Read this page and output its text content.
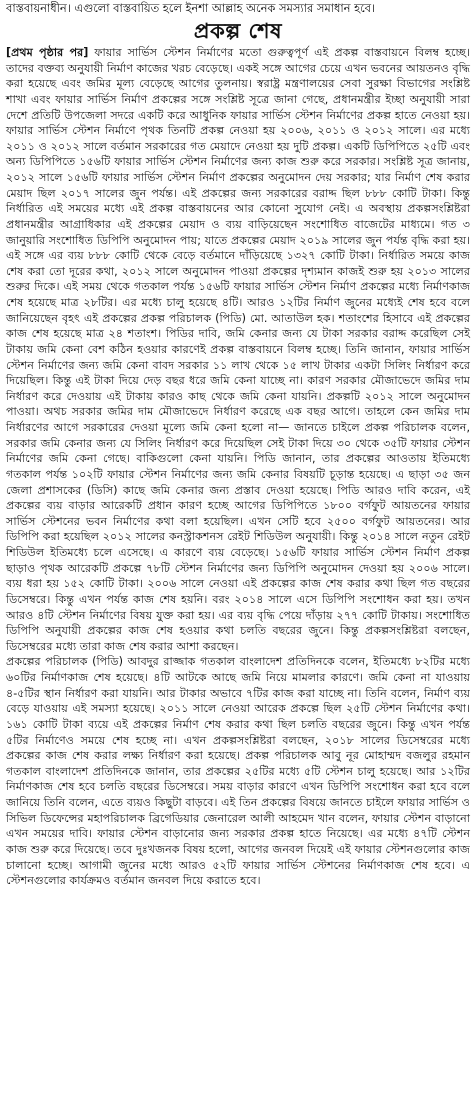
বাস্তবায়নাধীন। এগুলো বাস্তবায়িত হলে ইনশা আল্লাহ অনেক সমস্যার সমাধান হবে।
প্রকল্প শেষ

[প্রথম পৃষ্ঠার পর] ফায়ার সার্ভিস স্টেশন নির্মাণের মতো গুরুত্বপূর্ণ এই প্রকল্প বাস্তবায়নে বিলম্ব হচ্ছে। তাদের বক্তব্য অনুযায়ী নির্মাণ কাজের খরচ বেড়েছে। একই সঙ্গে আগের চেয়ে এখন ভবনের আয়তনও বৃদ্ধি করা হয়েছে এবং জমির মূল্য বেড়েছে আগের তুলনায়। স্বরাষ্ট্র মন্ত্রণালয়ের সেবা সুরক্ষা বিভাগের সংশ্লিষ্ট শাখা এবং ফায়ার সার্ভিস নির্মাণ প্রকল্পের সঙ্গে সংশ্লিষ্ট সূত্রে জানা গেছে, প্রধানমন্ত্রীর ইচ্ছা অনুযায়ী সারা দেশে প্রতিটি উপজেলা সদরে একটি করে আধুনিক ফায়ার সার্ভিস স্টেশন নির্মাণের প্রকল্প হাতে নেওয়া হয়। ফায়ার সার্ভিস স্টেশন নির্মাণে পৃথক তিনটি প্রকল্প নেওয়া হয় ২০০৬, ২০১১ ও ২০১২ সালে। এর মধ্যে ২০১১ ও ২০১২ সালে বর্তমান সরকারের গত মেয়াদে নেওয়া হয় দুটি প্রকল্প। একটি ডিপিপিতে ২৫টি এবং অন্য ডিপিপিতে ১৫৬টি ফায়ার সার্ভিস স্টেশন নির্মাণের জন্য কাজ শুরু করে সরকার। সংশ্লিষ্ট সূত্র জানায়, ২০১২ সালে ১৫৬টি ফায়ার সার্ভিস স্টেশন নির্মাণ প্রকল্পের অনুমোদন দেয় সরকার; যার নির্মাণ শেষ করার মেয়াদ ছিল ২০১৭ সালের জুন পর্যন্ত। এই প্রকল্পের জন্য সরকারের বরাদ্দ ছিল ৮৮৮ কোটি টাকা। কিন্তু নির্ধারিত এই সময়ের মধ্যে এই প্রকল্প বাস্তবায়নের আর কোনো সুযোগ নেই। এ অবস্থায় প্রকল্পসংশ্লিষ্টরা প্রধানমন্ত্রীর আগ্রাধিকার এই প্রকল্পের মেয়াদ ও ব্যয় বাড়িয়েছেন সংশোধিত বাজেটের মাধ্যমে। গত ৩ জানুয়ারি সংশোধিত ডিপিপি অনুমোদন পায়; যাতে প্রকল্পের মেয়াদ ২০১৯ সালের জুন পর্যন্ত বৃদ্ধি করা হয়। এই সঙ্গে এর ব্যয় ৮৮৮ কোটি থেকে বেড়ে বর্তমানে দাঁড়িয়েছে ১৩২৭ কোটি টাকা। নির্ধারিত সময়ে কাজ শেষ করা তো দূরের কথা, ২০১২ সালে অনুমোদন পাওয়া প্রকল্পের দৃশ্যমান কাজই শুরু হয় ২০১৩ সালের শুরুর দিকে। এই সময় থেকে গতকাল পর্যন্ত ১৫৬টি ফায়ার সার্ভিস স্টেশন নির্মাণ প্রকল্পের মধ্যে নির্মাণকাজ শেষ হয়েছে মাত্র ২৮টির। এর মধ্যে চালু হয়েছে ৪টি। আরও ১২টির নির্মাণ জুনের মধ্যেই শেষ হবে বলে জানিয়েছেন বৃহৎ এই প্রকল্পের প্রকল্প পরিচালক (পিডি) মো. আতাউল হক। শতাংশের হিসাবে এই প্রকল্পের কাজ শেষ হয়েছে মাত্র ২৪ শতাংশ। পিডির দাবি, জমি কেনার জন্য যে টাকা সরকার বরাদ্দ করেছিল সেই টাকায় জমি কেনা বেশ কঠিন হওয়ার কারণেই প্রকল্প বাস্তবায়নে বিলম্ব হচ্ছে। তিনি জানান, ফায়ার সার্ভিস স্টেশন নির্মাণের জন্য জমি কেনা বাবদ সরকার ১১ লাখ থেকে ১৫ লাখ টাকার একটা সিলিং নির্ধারণ করে দিয়েছিল। কিন্তু এই টাকা দিয়ে দেড় বছর ধরে জমি কেনা যাচ্ছে না। কারণ সরকার মৌজাভেদে জমির দাম নির্ধারণ করে দেওয়ায় এই টাকায় কারও কাছ থেকে জমি কেনা যায়নি। প্রকল্পটি ২০১২ সালে অনুমোদন পাওয়া। অথচ সরকার জমির দাম মৌজাভেদে নির্ধারণ করেছে এক বছর আগে। তাহলে কেন জমির দাম নির্ধারণের আগে সরকারের দেওয়া মূল্যে জমি কেনা হলো না— জানতে চাইলে প্রকল্প পরিচালক বলেন, সরকার জমি কেনার জন্য যে সিলিং নির্ধারণ করে দিয়েছিল সেই টাকা দিয়ে ৩০ থেকে ৩৫টি ফায়ার স্টেশন নির্মাণের জমি কেনা গেছে। বাকিগুলো কেনা যায়নি। পিডি জানান, তার প্রকল্পের আওতায় ইতিমধ্যে গতকাল পর্যন্ত ১০২টি ফায়ার স্টেশন নির্মাণের জন্য জমি কেনার বিষয়টি চূড়ান্ত হয়েছে। এ ছাড়া ৩৫ জন জেলা প্রশাসকের (ডিসি) কাছে জমি কেনার জন্য প্রস্তাব দেওয়া হয়েছে। পিডি আরও দাবি করেন, এই প্রকল্পের ব্যয় বাড়ার আরেকটি প্রধান কারণ হচ্ছে আগের ডিপিপিতে ১৮০০ বর্গফুট আয়তনের ফায়ার সার্ভিস স্টেশনের ভবন নির্মাণের কথা বলা হয়েছিল। এখন সেটি হবে ২৫০০ বর্গফুট আয়তনের। আর ডিপিপি করা হয়েছিল ২০১২ সালের কনস্ট্রাকশনস রেইট শিডিউল অনুযায়ী। কিন্তু ২০১৪ সালে নতুন রেইট শিডিউল ইতিমধ্যে চলে এসেছে। এ কারণে ব্যয় বেড়েছে। ১৫৬টি ফায়ার সার্ভিস স্টেশন নির্মাণ প্রকল্প ছাড়াও পৃথক আরেকটি প্রকল্পে ৭৮টি স্টেশন নির্মাণের জন্য ডিপিপি অনুমোদন দেওয়া হয় ২০০৬ সালে। ব্যয় ধরা হয় ১৫২ কোটি টাকা। ২০০৬ সালে নেওয়া এই প্রকল্পের কাজ শেষ করার কথা ছিল গত বছরের ডিসেম্বরে। কিন্তু এখন পর্যন্ত কাজ শেষ হয়নি। বরং ২০১৪ সালে এসে ডিপিপি সংশোধন করা হয়। তখন আরও ৪টি স্টেশন নির্মাণের বিষয় যুক্ত করা হয়। এর ব্যয় বৃদ্ধি পেয়ে দাঁড়ায় ২৭৭ কোটি টাকায়। সংশোধিত ডিপিপি অনুযায়ী প্রকল্পের কাজ শেষ হওয়ার কথা চলতি বছরের জুনে। কিন্তু প্রকল্পসংশ্লিষ্টরা বলছেন, ডিসেম্বরের মধ্যে তারা কাজ শেষ করার আশা করছেন।

প্রকল্পের পরিচালক (পিডি) আবদুর রাজ্জাক গতকাল বাংলাদেশ প্রতিদিনকে বলেন, ইতিমধ্যে ৮২টির মধ্যে ৬০টির নির্মাণকাজ শেষ হয়েছে। ৪টি আটকে আছে জমি নিয়ে মামলার কারণে। জমি কেনা না যাওয়ায় ৪-৫টির স্থান নির্ধারণ করা যায়নি। আর টাকার অভাবে ৭টির কাজ করা যাচ্ছে না। তিনি বলেন, নির্মাণ ব্যয় বেড়ে যাওয়ায় এই সমস্যা হয়েছে। ২০১১ সালে নেওয়া আরেক প্রকল্পে ছিল ২৫টি স্টেশন নির্মাণের কথা। ১৬১ কোটি টাকা ব্যয়ে এই প্রকল্পের নির্মাণ শেষ করার কথা ছিল চলতি বছরের জুনে। কিন্তু এখন পর্যন্ত ৫টির নির্মাণেও সময়ে শেষ হচ্ছে না। এখন প্রকল্পসংশ্লিষ্টরা বলছেন, ২০১৮ সালের ডিসেম্বরের মধ্যে প্রকল্পের কাজ শেষ করার লক্ষ্য নির্ধারণ করা হয়েছে। প্রকল্প পরিচালক আবু নূর মোহাম্মদ বজলুর রহমান গতকাল বাংলাদেশ প্রতিদিনকে জানান, তার প্রকল্পের ২৫টির মধ্যে ৫টি স্টেশন চালু হয়েছে। আর ১২টির নির্মাণকাজ শেষ হবে চলতি বছরের ডিসেম্বরে। সময় বাড়ার কারণে এখন ডিপিপি সংশোধন করা হবে বলে জানিয়ে তিনি বলেন, এতে ব্যয়ও কিছুটা বাড়বে। এই তিন প্রকল্পের বিষয়ে জানতে চাইলে ফায়ার সার্ভিস ও সিভিল ডিফেন্সের মহাপরিচালক ব্রিগেডিয়ার জেনারেল আলী আহমেদ খান বলেন, ফায়ার স্টেশন বাড়ানো এখন সময়ের দাবি। ফায়ার স্টেশন বাড়ানোর জন্য সরকার প্রকল্প হাতে নিয়েছে। এর মধ্যে ৪৭টি স্টেশন কাজ শুরু করে দিয়েছে। তবে দুঃখজনক বিষয় হলো, আগের জনবল দিয়েই এই ফায়ার স্টেশনগুলোর কাজ চালানো হচ্ছে। আগামী জুনের মধ্যে আরও ৫২টি ফায়ার সার্ভিস স্টেশনের নির্মাণকাজ শেষ হবে। এ স্টেশনগুলোর কার্যক্রমও বর্তমান জনবল দিয়ে করাতে হবে।
